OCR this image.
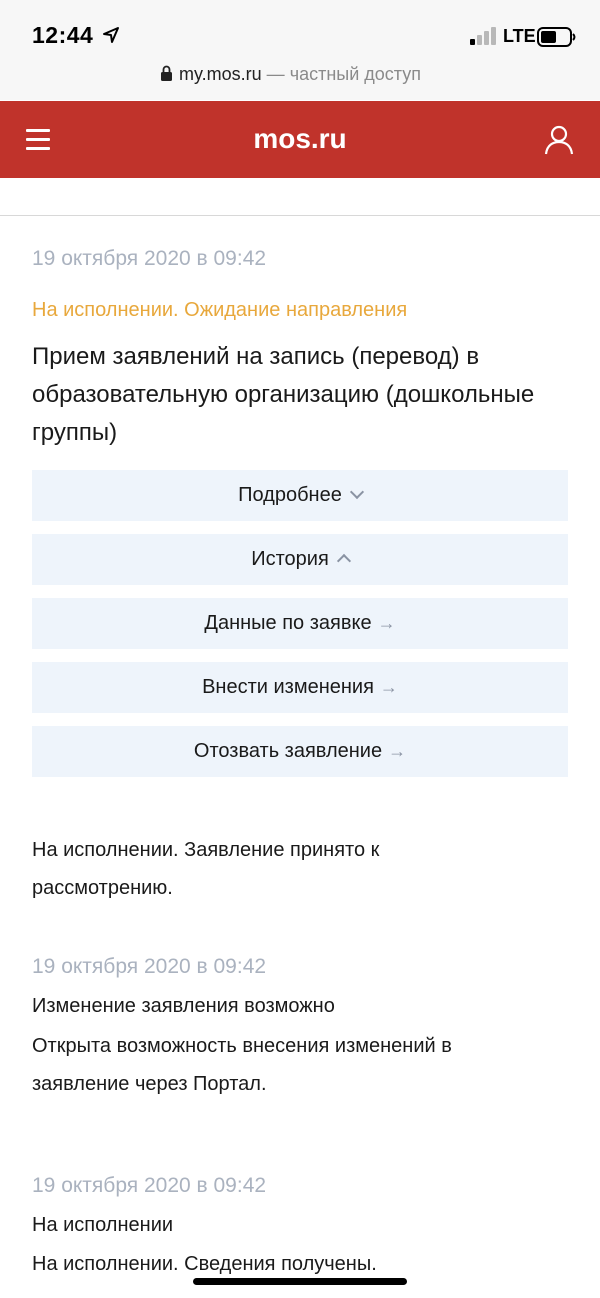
12:44	LTE
my.mos.ru — частный доступ
mos.ru
19 октября 2020 в 09:42
На исполнении. Ожидание направления
Прием заявлений на запись (перевод) в образовательную организацию (дошкольные группы)
Подробнее
История
Данные по заявке →
Внести изменения →
Отозвать заявление →
На исполнении. Заявление принято к рассмотрению.
19 октября 2020 в 09:42
Изменение заявления возможно
Открыта возможность внесения изменений в заявление через Портал.
19 октября 2020 в 09:42
На исполнении
На исполнении. Сведения получены.
